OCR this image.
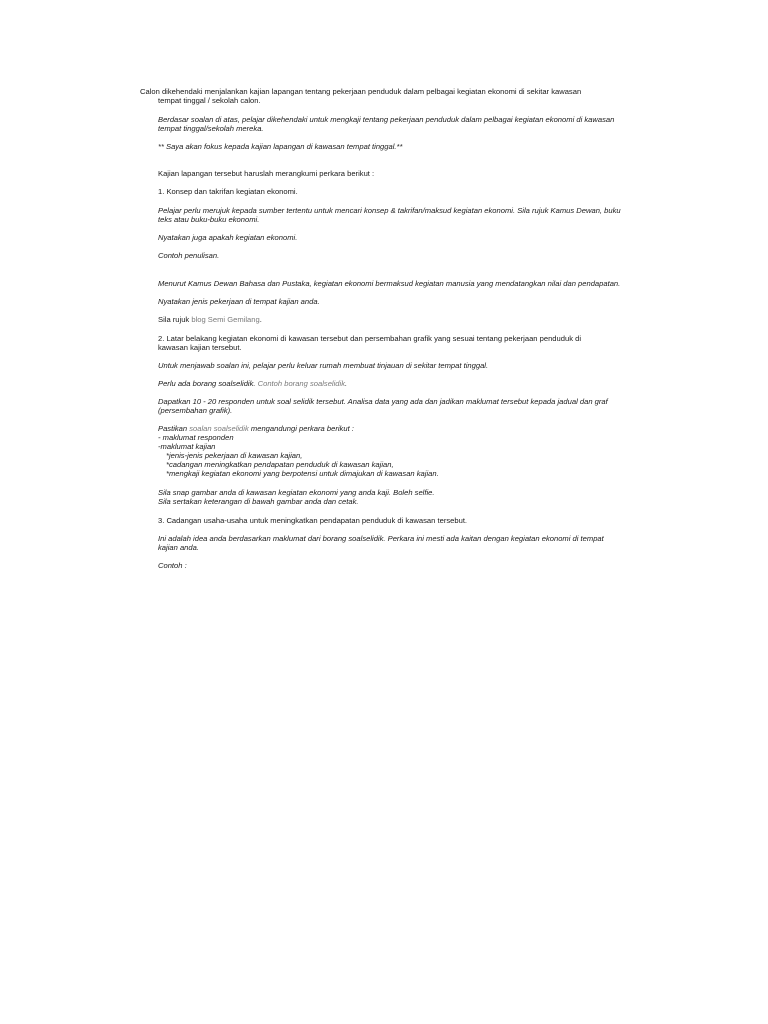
Calon dikehendaki menjalankan kajian lapangan tentang pekerjaan penduduk dalam pelbagai kegiatan ekonomi di sekitar kawasan
tempat tinggal / sekolah calon.
Berdasar soalan di atas, pelajar dikehendaki untuk mengkaji tentang pekerjaan penduduk dalam pelbagai kegiatan ekonomi di kawasan
tempat tinggal/sekolah mereka.
** Saya akan fokus kepada kajian lapangan di kawasan tempat tinggal.**
Kajian lapangan tersebut haruslah merangkumi perkara berikut :
1. Konsep dan takrifan kegiatan ekonomi.
Pelajar perlu merujuk kepada sumber tertentu untuk mencari konsep & takrifan/maksud kegiatan ekonomi. Sila rujuk Kamus Dewan, buku
teks atau buku-buku ekonomi.
Nyatakan juga apakah kegiatan ekonomi.
Contoh penulisan.
Menurut Kamus Dewan Bahasa dan Pustaka, kegiatan ekonomi bermaksud kegiatan manusia yang mendatangkan nilai dan pendapatan.
Nyatakan jenis pekerjaan di tempat kajian anda.
Sila rujuk blog Semi Gemilang.
2. Latar belakang kegiatan ekonomi di kawasan tersebut dan persembahan grafik yang sesuai tentang pekerjaan penduduk di
kawasan kajian tersebut.
Untuk menjawab soalan ini, pelajar perlu keluar rumah membuat tinjauan di sekitar tempat tinggal.
Perlu ada borang soalselidik. Contoh borang soalselidik.
Dapatkan 10 - 20 responden untuk soal selidik tersebut. Analisa data yang ada dan jadikan maklumat tersebut kepada jadual dan graf
(persembahan grafik).
Pastikan soalan soalselidik mengandungi perkara berikut :
- maklumat responden
-maklumat kajian
*jenis-jenis pekerjaan di kawasan kajian,
*cadangan meningkatkan pendapatan penduduk di kawasan kajian,
*mengkaji kegiatan ekonomi yang berpotensi untuk dimajukan di kawasan kajian.
Sila snap gambar anda di kawasan kegiatan ekonomi yang anda kaji. Boleh selfie.
Sila sertakan keterangan di bawah gambar anda dan cetak.
3. Cadangan usaha-usaha untuk meningkatkan pendapatan penduduk di kawasan tersebut.
Ini adalah idea anda berdasarkan maklumat dari borang soalselidik. Perkara ini mesti ada kaitan dengan kegiatan ekonomi di tempat
kajian anda.
Contoh :
